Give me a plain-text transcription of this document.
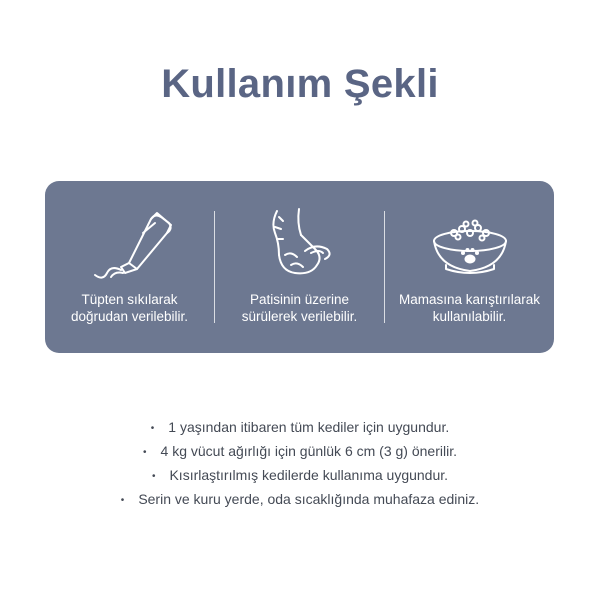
Kullanım Şekli
Tüpten sıkılarak
doğrudan verilebilir.
Patisinin üzerine
sürülerek verilebilir.
Mamasına karıştırılarak
kullanılabilir.
• 1 yaşından itibaren tüm kediler için uygundur.
• 4 kg vücut ağırlığı için günlük 6 cm (3 g) önerilir.
• Kısırlaştırılmış kedilerde kullanıma uygundur.
• Serin ve kuru yerde, oda sıcaklığında muhafaza ediniz.
